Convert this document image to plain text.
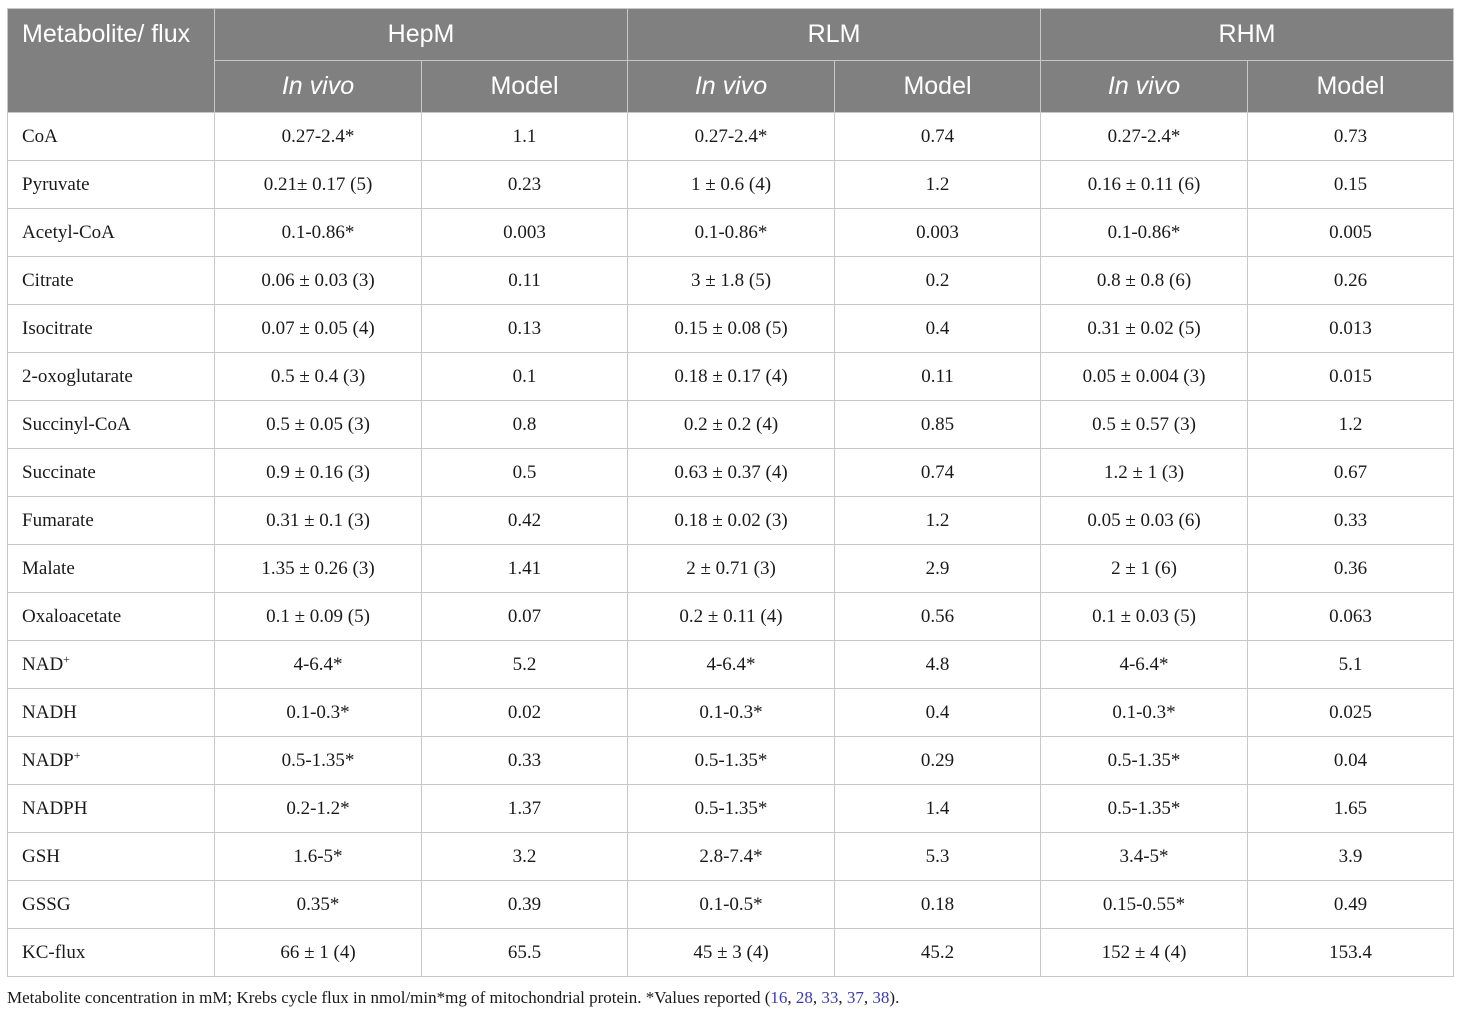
Metabolite/ flux	HepM		RLM		RHM	
	In vivo	Model	In vivo	Model	In vivo	Model
CoA	0.27-2.4*	1.1	0.27-2.4*	0.74	0.27-2.4*	0.73
Pyruvate	0.21± 0.17 (5)	0.23	1 ± 0.6 (4)	1.2	0.16 ± 0.11 (6)	0.15
Acetyl-CoA	0.1-0.86*	0.003	0.1-0.86*	0.003	0.1-0.86*	0.005
Citrate	0.06 ± 0.03 (3)	0.11	3 ± 1.8 (5)	0.2	0.8 ± 0.8 (6)	0.26
Isocitrate	0.07 ± 0.05 (4)	0.13	0.15 ± 0.08 (5)	0.4	0.31 ± 0.02 (5)	0.013
2-oxoglutarate	0.5 ± 0.4 (3)	0.1	0.18 ± 0.17 (4)	0.11	0.05 ± 0.004 (3)	0.015
Succinyl-CoA	0.5 ± 0.05 (3)	0.8	0.2 ± 0.2 (4)	0.85	0.5 ± 0.57 (3)	1.2
Succinate	0.9 ± 0.16 (3)	0.5	0.63 ± 0.37 (4)	0.74	1.2 ± 1 (3)	0.67
Fumarate	0.31 ± 0.1 (3)	0.42	0.18 ± 0.02 (3)	1.2	0.05 ± 0.03 (6)	0.33
Malate	1.35 ± 0.26 (3)	1.41	2 ± 0.71 (3)	2.9	2 ± 1 (6)	0.36
Oxaloacetate	0.1 ± 0.09 (5)	0.07	0.2 ± 0.11 (4)	0.56	0.1 ± 0.03 (5)	0.063
NAD+	4-6.4*	5.2	4-6.4*	4.8	4-6.4*	5.1
NADH	0.1-0.3*	0.02	0.1-0.3*	0.4	0.1-0.3*	0.025
NADP+	0.5-1.35*	0.33	0.5-1.35*	0.29	0.5-1.35*	0.04
NADPH	0.2-1.2*	1.37	0.5-1.35*	1.4	0.5-1.35*	1.65
GSH	1.6-5*	3.2	2.8-7.4*	5.3	3.4-5*	3.9
GSSG	0.35*	0.39	0.1-0.5*	0.18	0.15-0.55*	0.49
KC-flux	66 ± 1 (4)	65.5	45 ± 3 (4)	45.2	152 ± 4 (4)	153.4
Metabolite concentration in mM; Krebs cycle flux in nmol/min*mg of mitochondrial protein. *Values reported (16, 28, 33, 37, 38).
